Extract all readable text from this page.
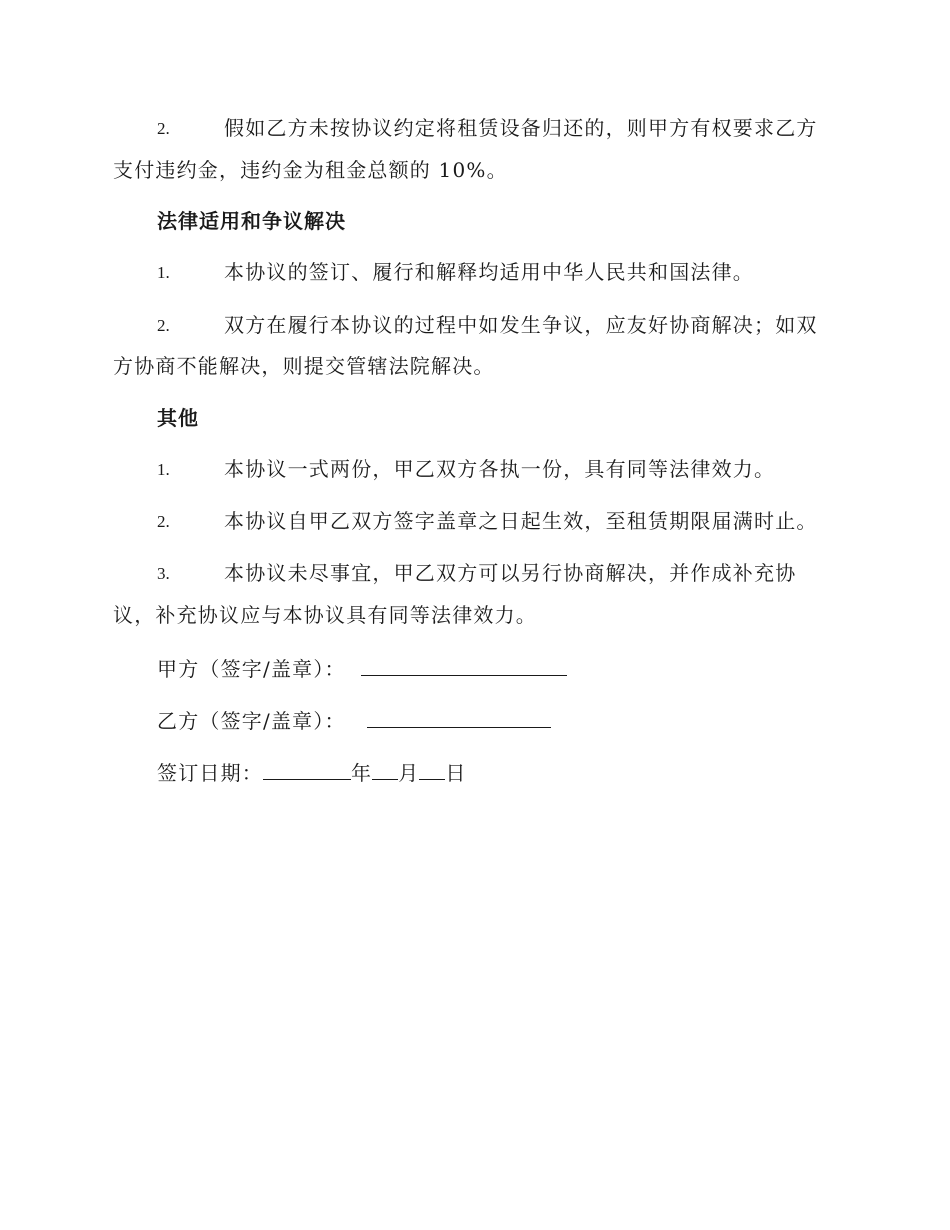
2.	假如乙方未按协议约定将租赁设备归还的，则甲方有权要求乙方
支付违约金，违约金为租金总额的 10%。
法律适用和争议解决
1.	本协议的签订、履行和解释均适用中华人民共和国法律。
2.	双方在履行本协议的过程中如发生争议，应友好协商解决；如双
方协商不能解决，则提交管辖法院解决。
其他
1.	本协议一式两份，甲乙双方各执一份，具有同等法律效力。
2.	本协议自甲乙双方签字盖章之日起生效，至租赁期限届满时止。
3.	本协议未尽事宜，甲乙双方可以另行协商解决，并作成补充协
议，补充协议应与本协议具有同等法律效力。
甲方（签字/盖章）：
乙方（签字/盖章）：
签订日期：	年 月 日
